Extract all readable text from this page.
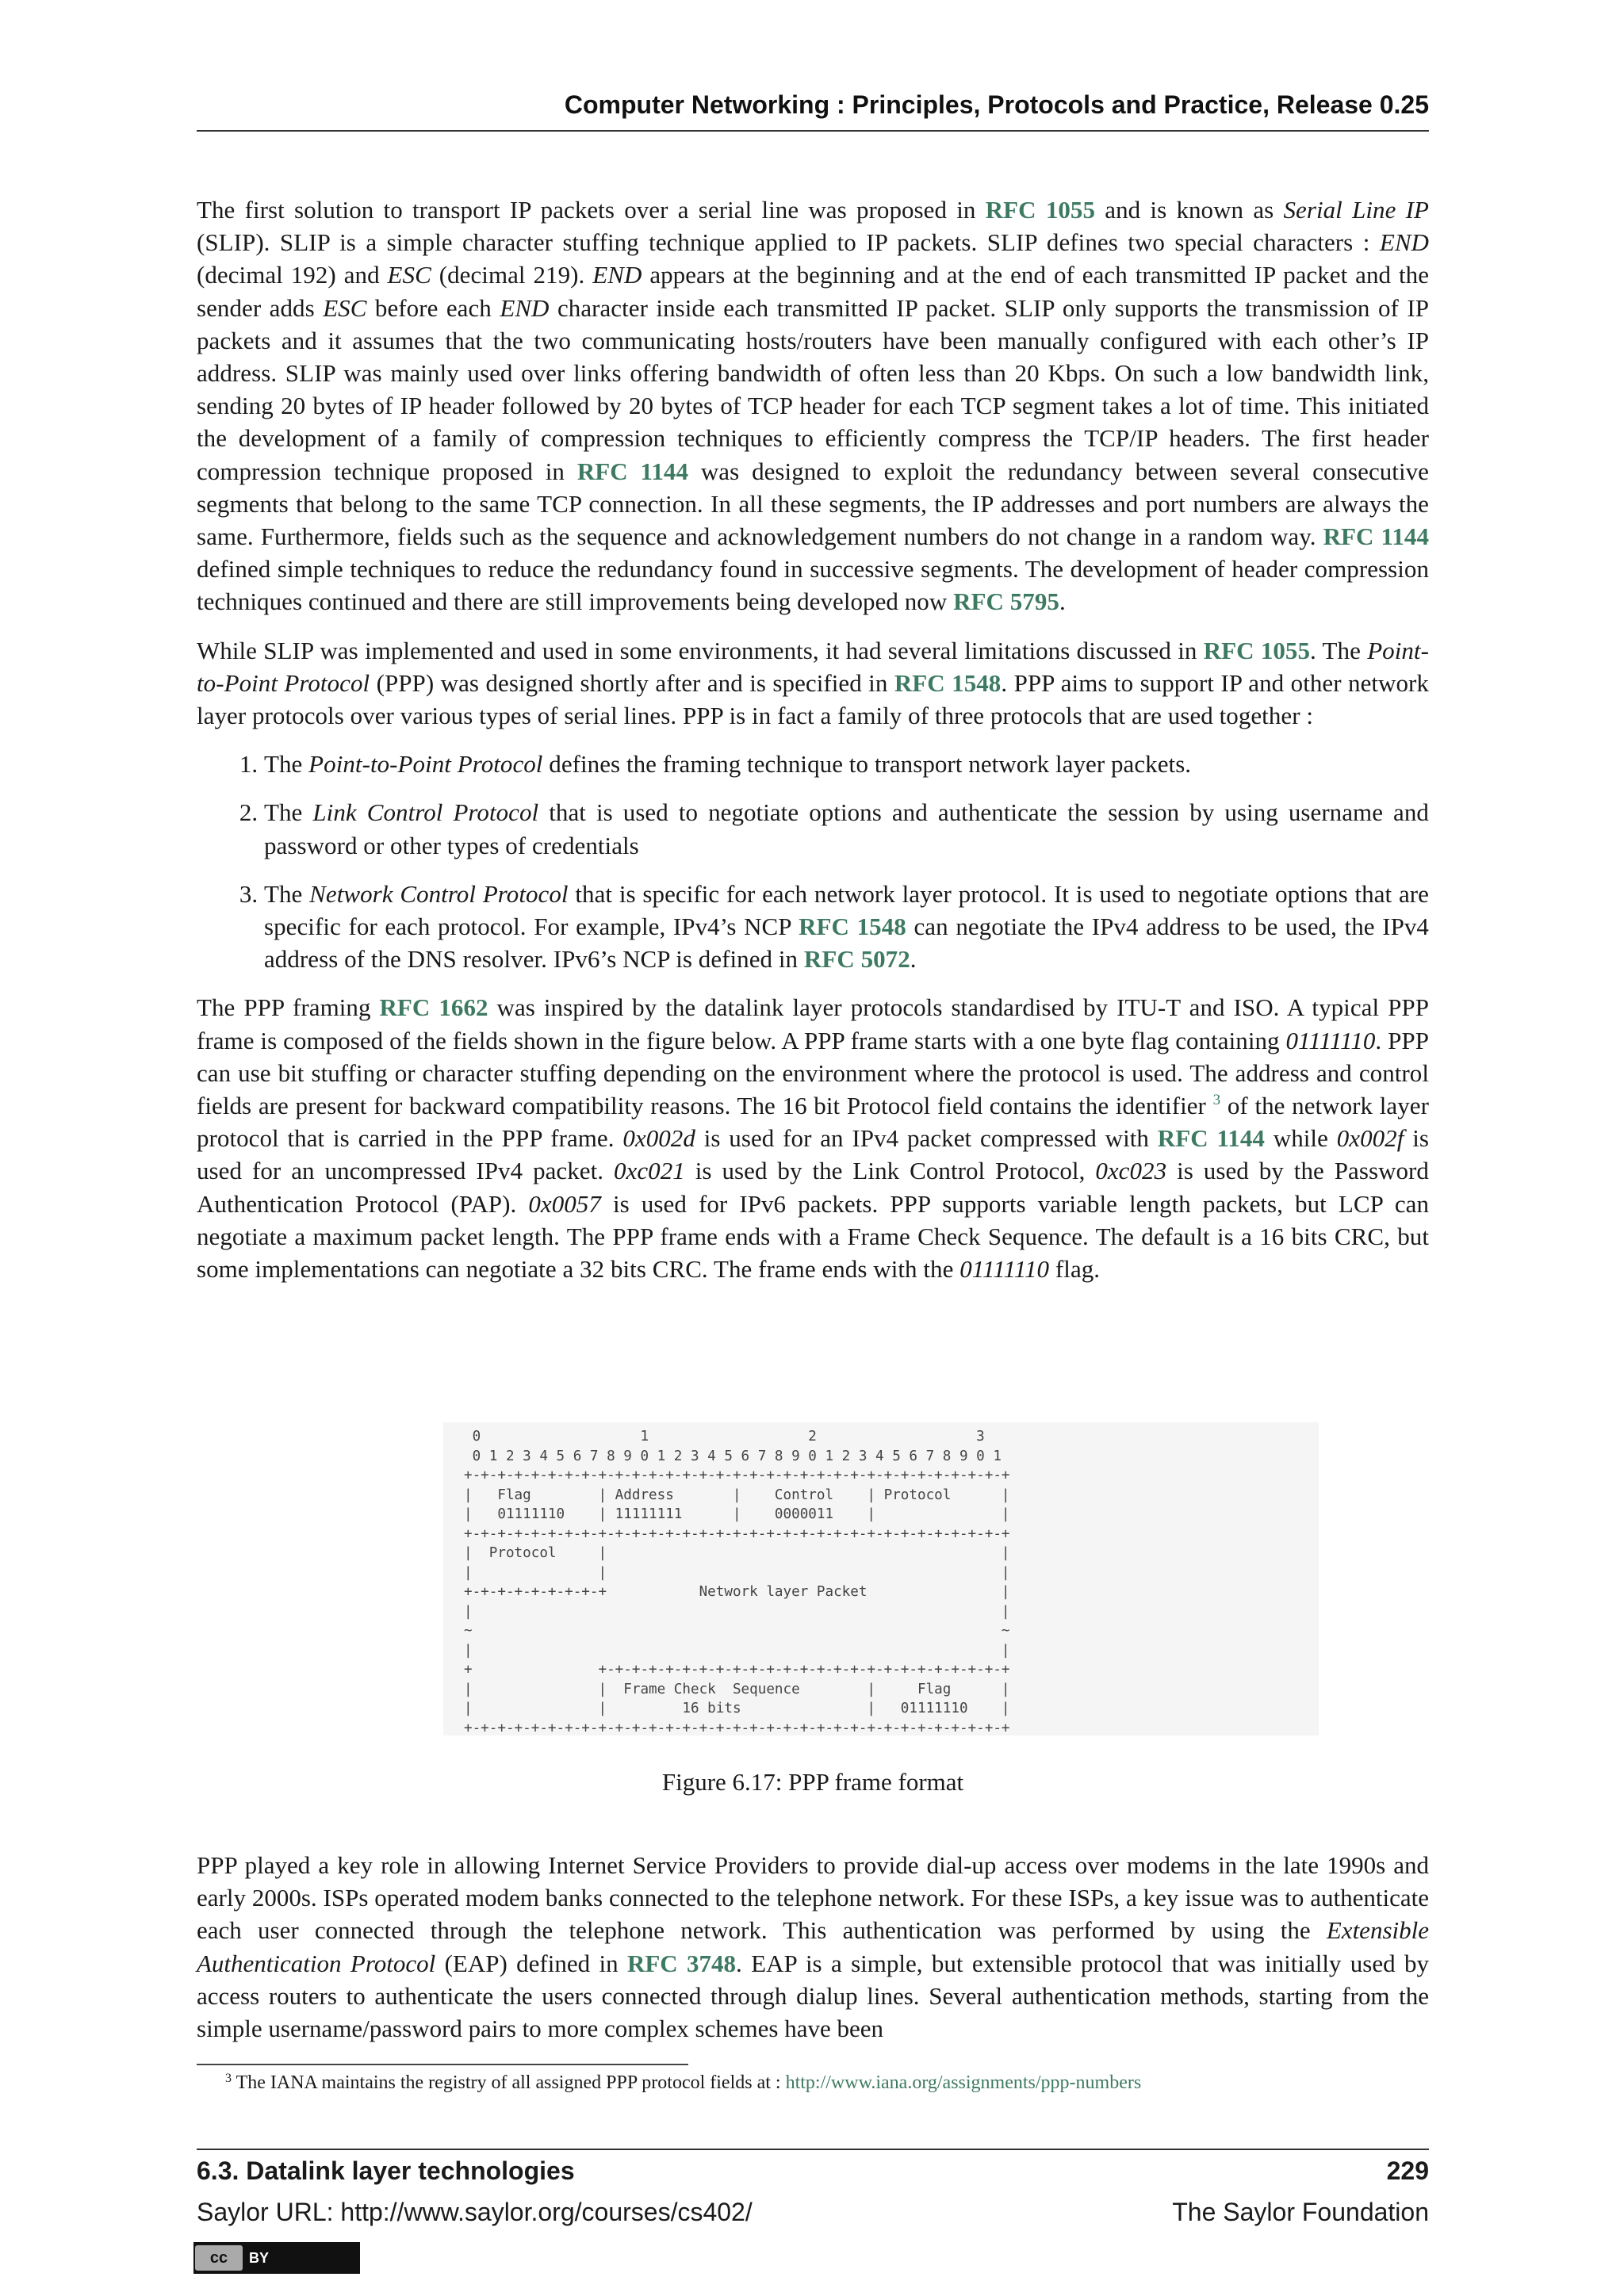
Computer Networking : Principles, Protocols and Practice, Release 0.25

The first solution to transport IP packets over a serial line was proposed in RFC 1055 and is known as Serial Line IP (SLIP). SLIP is a simple character stuffing technique applied to IP packets. SLIP defines two special characters : END (decimal 192) and ESC (decimal 219). END appears at the beginning and at the end of each transmitted IP packet and the sender adds ESC before each END character inside each transmitted IP packet. SLIP only supports the transmission of IP packets and it assumes that the two communicating hosts/routers have been manually configured with each other’s IP address. SLIP was mainly used over links offering bandwidth of often less than 20 Kbps. On such a low bandwidth link, sending 20 bytes of IP header followed by 20 bytes of TCP header for each TCP segment takes a lot of time. This initiated the development of a family of compression techniques to efficiently compress the TCP/IP headers. The first header compression technique proposed in RFC 1144 was designed to exploit the redundancy between several consecutive segments that belong to the same TCP connection. In all these segments, the IP addresses and port numbers are always the same. Furthermore, fields such as the sequence and acknowledgement numbers do not change in a random way. RFC 1144 defined simple techniques to reduce the redundancy found in successive segments. The development of header compression techniques continued and there are still improvements being developed now RFC 5795.

While SLIP was implemented and used in some environments, it had several limitations discussed in RFC 1055. The Point-to-Point Protocol (PPP) was designed shortly after and is specified in RFC 1548. PPP aims to support IP and other network layer protocols over various types of serial lines. PPP is in fact a family of three protocols that are used together :

1. The Point-to-Point Protocol defines the framing technique to transport network layer packets.
2. The Link Control Protocol that is used to negotiate options and authenticate the session by using username and password or other types of credentials
3. The Network Control Protocol that is specific for each network layer protocol. It is used to negotiate options that are specific for each protocol. For example, IPv4’s NCP RFC 1548 can negotiate the IPv4 address to be used, the IPv4 address of the DNS resolver. IPv6’s NCP is defined in RFC 5072.

The PPP framing RFC 1662 was inspired by the datalink layer protocols standardised by ITU-T and ISO. A typical PPP frame is composed of the fields shown in the figure below. A PPP frame starts with a one byte flag containing 01111110. PPP can use bit stuffing or character stuffing depending on the environment where the protocol is used. The address and control fields are present for backward compatibility reasons. The 16 bit Protocol field contains the identifier $^3$ of the network layer protocol that is carried in the PPP frame. 0x002d is used for an IPv4 packet compressed with RFC 1144 while 0x002f is used for an uncompressed IPv4 packet. 0xc021 is used by the Link Control Protocol, 0xc023 is used by the Password Authentication Protocol (PAP). 0x0057 is used for IPv6 packets. PPP supports variable length packets, but LCP can negotiate a maximum packet length. The PPP frame ends with a Frame Check Sequence. The default is a 16 bits CRC, but some implementations can negotiate a 32 bits CRC. The frame ends with the 01111110 flag.

0                   1                   2                   3
0 1 2 3 4 5 6 7 8 9 0 1 2 3 4 5 6 7 8 9 0 1 2 3 4 5 6 7 8 9 0 1
+-+-+-+-+-+-+-+-+-+-+-+-+-+-+-+-+-+-+-+-+-+-+-+-+-+-+-+-+-+-+-+-+
|   Flag        | Address       |    Control    | Protocol      |
|   01111110    | 11111111      |    0000011    |               |
+-+-+-+-+-+-+-+-+-+-+-+-+-+-+-+-+-+-+-+-+-+-+-+-+-+-+-+-+-+-+-+-+
|  Protocol     |                                               |
|               |                                               |
+-+-+-+-+-+-+-+-+           Network layer Packet                |
|                                                               |
~                                                               ~
|                                                               |
+               +-+-+-+-+-+-+-+-+-+-+-+-+-+-+-+-+-+-+-+-+-+-+-+-+
|               |  Frame Check  Sequence        |     Flag      |
|               |         16 bits               |   01111110    |
+-+-+-+-+-+-+-+-+-+-+-+-+-+-+-+-+-+-+-+-+-+-+-+-+-+-+-+-+-+-+-+-+
Figure 6.17: PPP frame format

PPP played a key role in allowing Internet Service Providers to provide dial-up access over modems in the late 1990s and early 2000s. ISPs operated modem banks connected to the telephone network. For these ISPs, a key issue was to authenticate each user connected through the telephone network. This authentication was performed by using the Extensible Authentication Protocol (EAP) defined in RFC 3748. EAP is a simple, but extensible protocol that was initially used by access routers to authenticate the users connected through dialup lines. Several authentication methods, starting from the simple username/password pairs to more complex schemes have been

$^3$ The IANA maintains the registry of all assigned PPP protocol fields at : http://www.iana.org/assignments/ppp-numbers
6.3. Datalink layer technologies	229
Saylor URL: http://www.saylor.org/courses/cs402/	The Saylor Foundation
cc	BY
